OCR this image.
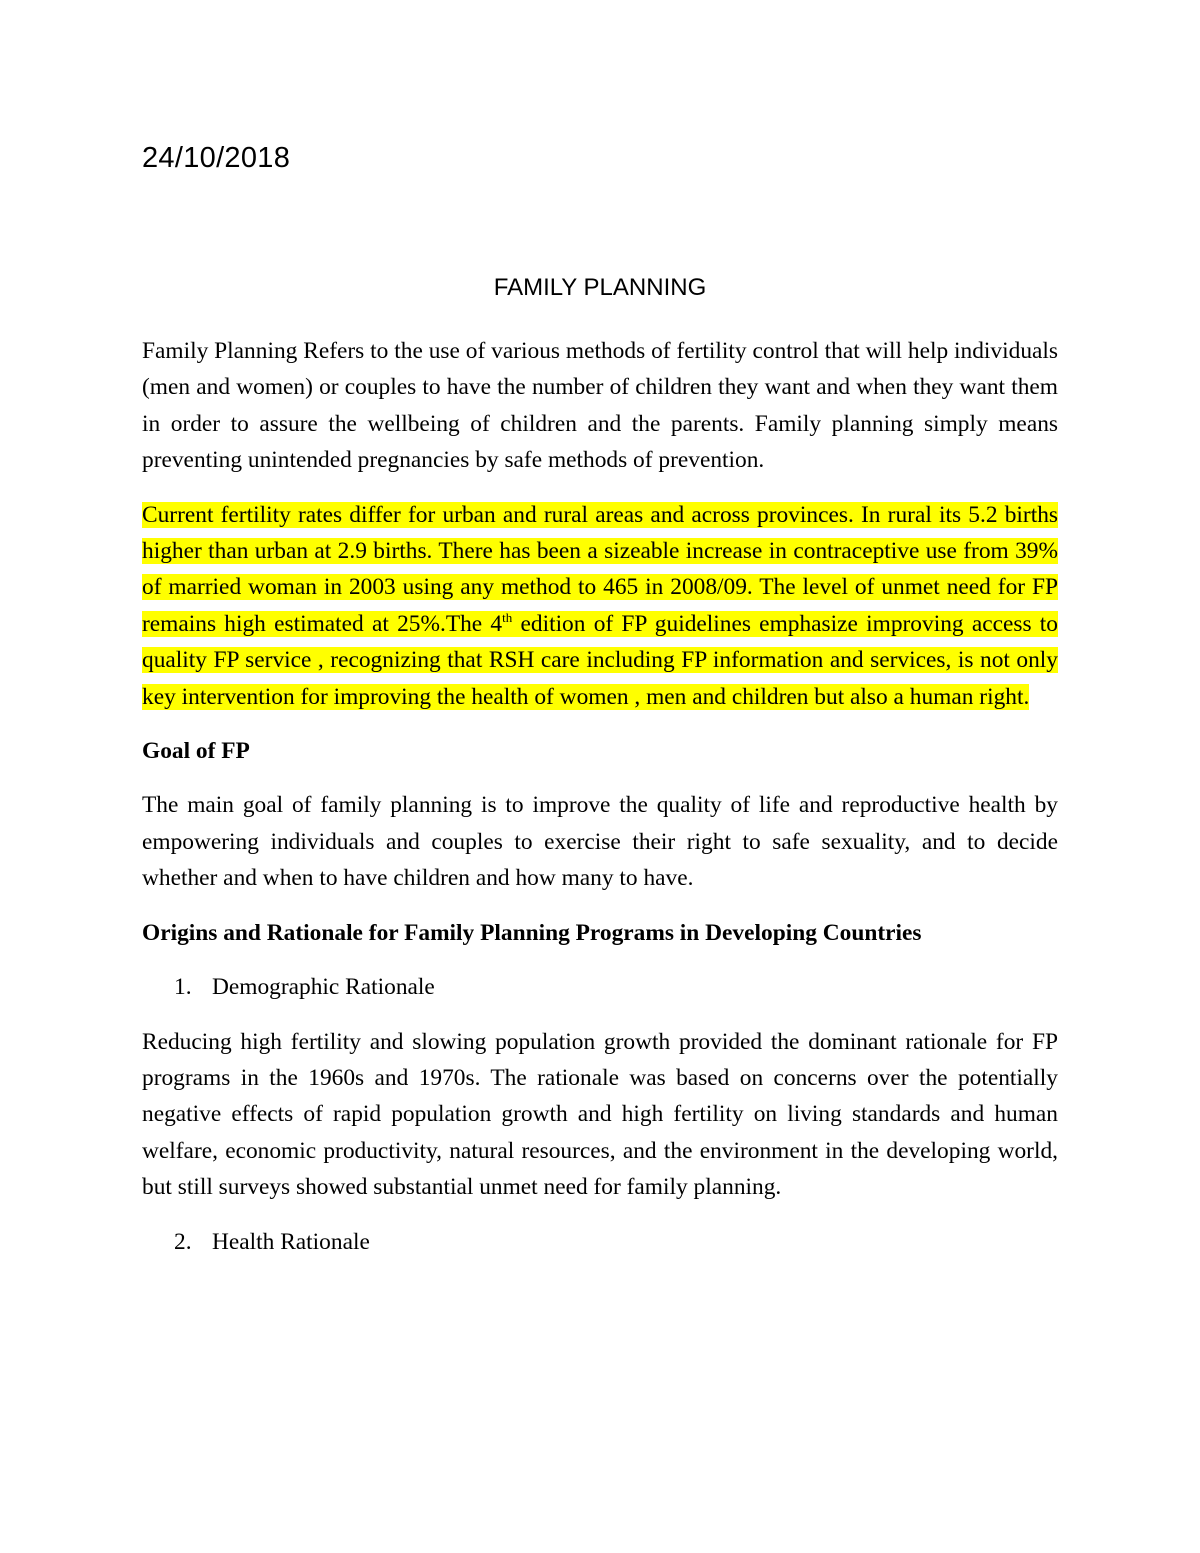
24/10/2018
FAMILY PLANNING

Family Planning Refers to the use of various methods of fertility control that will help individuals (men and women) or couples to have the number of children they want and when they want them in order to assure the wellbeing of children and the parents. Family planning simply means preventing unintended pregnancies by safe methods of prevention.

Current fertility rates differ for urban and rural areas and across provinces. In rural its 5.2 births higher than urban at 2.9 births. There has been a sizeable increase in contraceptive use from 39% of married woman in 2003 using any method to 465 in 2008/09. The level of unmet need for FP remains high estimated at 25%.The 4th edition of FP guidelines emphasize improving access to quality FP service , recognizing that RSH care including FP information and services, is not only key intervention for improving the health of women , men and children but also a human right.

Goal of FP

The main goal of family planning is to improve the quality of life and reproductive health by empowering individuals and couples to exercise their right to safe sexuality, and to decide whether and when to have children and how many to have.

Origins and Rationale for Family Planning Programs in Developing Countries

1. Demographic Rationale

Reducing high fertility and slowing population growth provided the dominant rationale for FP programs in the 1960s and 1970s. The rationale was based on concerns over the potentially negative effects of rapid population growth and high fertility on living standards and human welfare, economic productivity, natural resources, and the environment in the developing world, but still surveys showed substantial unmet need for family planning.

2. Health Rationale
